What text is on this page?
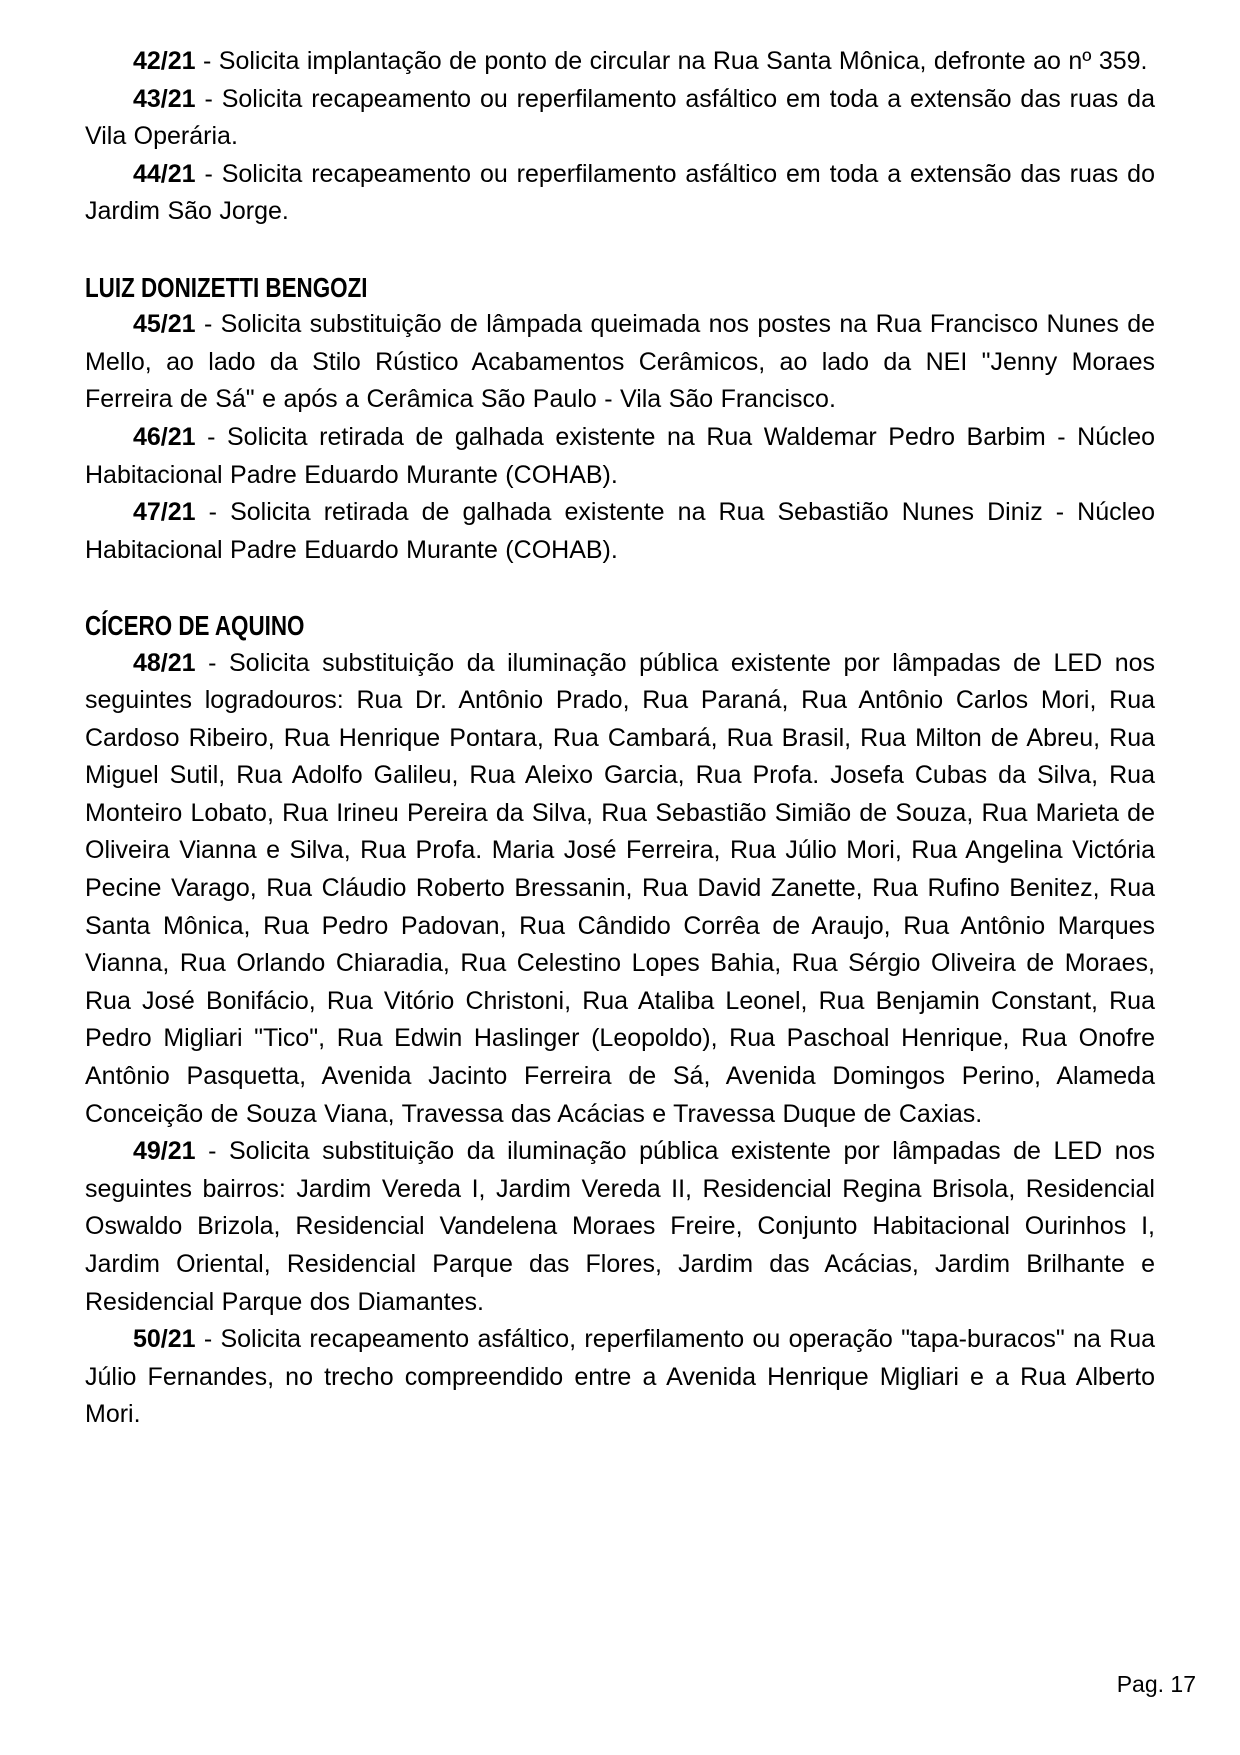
42/21 - Solicita implantação de ponto de circular na Rua Santa Mônica, defronte ao nº 359.

43/21 - Solicita recapeamento ou reperfilamento asfáltico em toda a extensão das ruas da Vila Operária.

44/21 - Solicita recapeamento ou reperfilamento asfáltico em toda a extensão das ruas do Jardim São Jorge.

LUIZ DONIZETTI BENGOZI

45/21 - Solicita substituição de lâmpada queimada nos postes na Rua Francisco Nunes de Mello, ao lado da Stilo Rústico Acabamentos Cerâmicos, ao lado da NEI "Jenny Moraes Ferreira de Sá" e após a Cerâmica São Paulo - Vila São Francisco.

46/21 - Solicita retirada de galhada existente na Rua Waldemar Pedro Barbim - Núcleo Habitacional Padre Eduardo Murante (COHAB).

47/21 - Solicita retirada de galhada existente na Rua Sebastião Nunes Diniz - Núcleo Habitacional Padre Eduardo Murante (COHAB).

CÍCERO DE AQUINO

48/21 - Solicita substituição da iluminação pública existente por lâmpadas de LED nos seguintes logradouros: Rua Dr. Antônio Prado, Rua Paraná, Rua Antônio Carlos Mori, Rua Cardoso Ribeiro, Rua Henrique Pontara, Rua Cambará, Rua Brasil, Rua Milton de Abreu, Rua Miguel Sutil, Rua Adolfo Galileu, Rua Aleixo Garcia, Rua Profa. Josefa Cubas da Silva, Rua Monteiro Lobato, Rua Irineu Pereira da Silva, Rua Sebastião Simião de Souza, Rua Marieta de Oliveira Vianna e Silva, Rua Profa. Maria José Ferreira, Rua Júlio Mori, Rua Angelina Victória Pecine Varago, Rua Cláudio Roberto Bressanin, Rua David Zanette, Rua Rufino Benitez, Rua Santa Mônica, Rua Pedro Padovan, Rua Cândido Corrêa de Araujo, Rua Antônio Marques Vianna, Rua Orlando Chiaradia, Rua Celestino Lopes Bahia, Rua Sérgio Oliveira de Moraes, Rua José Bonifácio, Rua Vitório Christoni, Rua Ataliba Leonel, Rua Benjamin Constant, Rua Pedro Migliari "Tico", Rua Edwin Haslinger (Leopoldo), Rua Paschoal Henrique, Rua Onofre Antônio Pasquetta, Avenida Jacinto Ferreira de Sá, Avenida Domingos Perino, Alameda Conceição de Souza Viana, Travessa das Acácias e Travessa Duque de Caxias.

49/21 - Solicita substituição da iluminação pública existente por lâmpadas de LED nos seguintes bairros: Jardim Vereda I, Jardim Vereda II, Residencial Regina Brisola, Residencial Oswaldo Brizola, Residencial Vandelena Moraes Freire, Conjunto Habitacional Ourinhos I, Jardim Oriental, Residencial Parque das Flores, Jardim das Acácias, Jardim Brilhante e Residencial Parque dos Diamantes.

50/21 - Solicita recapeamento asfáltico, reperfilamento ou operação "tapa-buracos" na Rua Júlio Fernandes, no trecho compreendido entre a Avenida Henrique Migliari e a Rua Alberto Mori.

Pag. 17
